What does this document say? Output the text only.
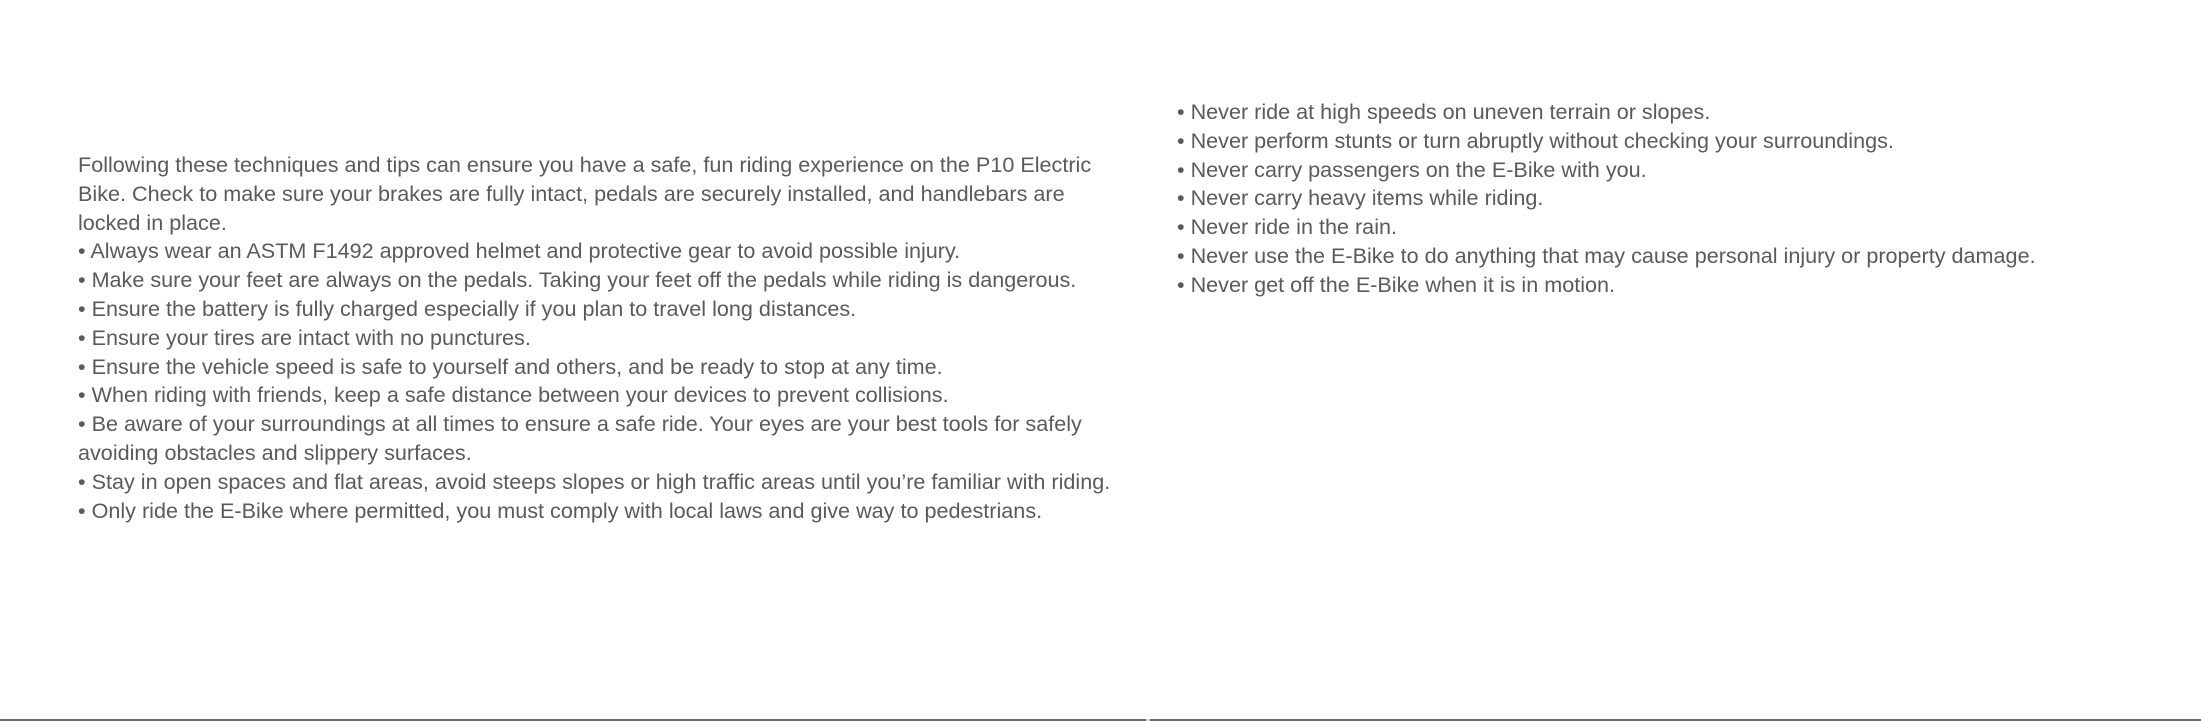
Following these techniques and tips can ensure you have a safe, fun riding experience on the P10 Electric Bike. Check to make sure your brakes are fully intact, pedals are securely installed, and handlebars are locked in place.

• Always wear an ASTM F1492 approved helmet and protective gear to avoid possible injury.

• Make sure your feet are always on the pedals. Taking your feet off the pedals while riding is dangerous.

• Ensure the battery is fully charged especially if you plan to travel long distances.

• Ensure your tires are intact with no punctures.

• Ensure the vehicle speed is safe to yourself and others, and be ready to stop at any time.

• When riding with friends, keep a safe distance between your devices to prevent collisions.

• Be aware of your surroundings at all times to ensure a safe ride. Your eyes are your best tools for safely avoiding obstacles and slippery surfaces.

• Stay in open spaces and flat areas, avoid steeps slopes or high traffic areas until you’re familiar with riding.

• Only ride the E-Bike where permitted, you must comply with local laws and give way to pedestrians.

• Never ride at high speeds on uneven terrain or slopes.

• Never perform stunts or turn abruptly without checking your surroundings.

• Never carry passengers on the E-Bike with you.

• Never carry heavy items while riding.

• Never ride in the rain.

• Never use the E-Bike to do anything that may cause personal injury or property damage.

• Never get off the E-Bike when it is in motion.
